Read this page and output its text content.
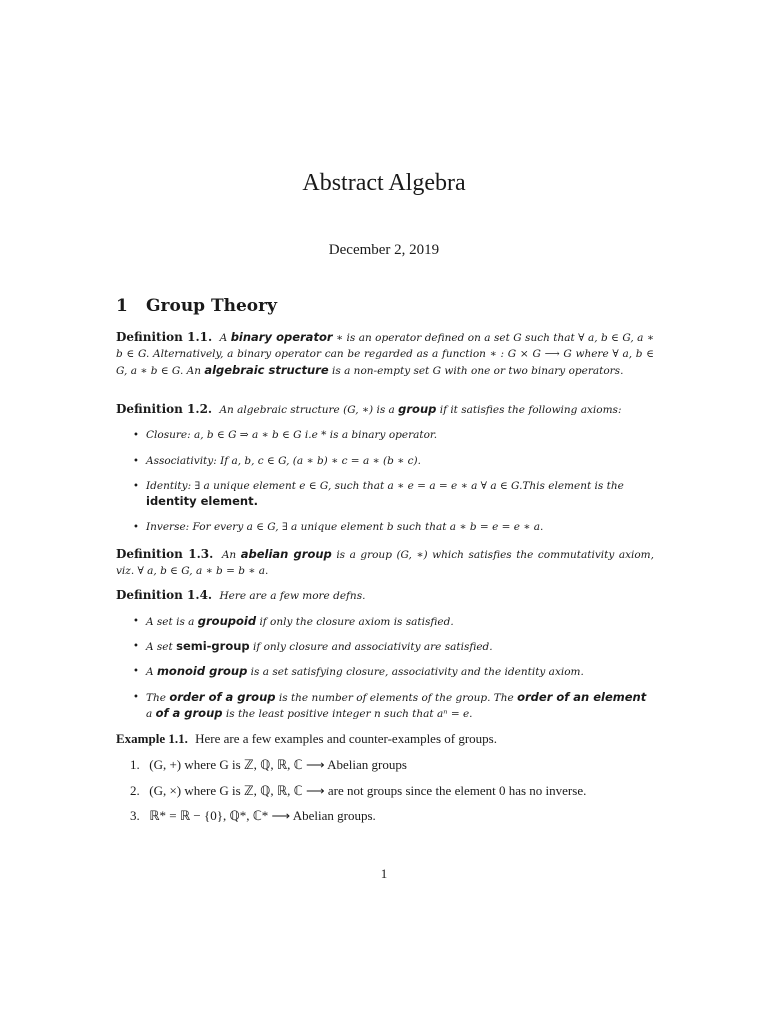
Abstract Algebra
December 2, 2019
1 Group Theory
Definition 1.1. A binary operator ∗ is an operator defined on a set G such that ∀ a, b ∈ G, a ∗ b ∈ G. Alternatively, a binary operator can be regarded as a function ∗ : G × G ⟶ G where ∀ a, b ∈ G, a ∗ b ∈ G. An algebraic structure is a non-empty set G with one or two binary operators.
Definition 1.2. An algebraic structure (G, ∗) is a group if it satisfies the following axioms:
• Closure: a, b ∈ G ⇒ a ∗ b ∈ G i.e * is a binary operator.
• Associativity: If a, b, c ∈ G, (a ∗ b) ∗ c = a ∗ (b ∗ c).
• Identity: ∃ a unique element e ∈ G, such that a ∗ e = a = e ∗ a ∀ a ∈ G.This element is the identity element.
• Inverse: For every a ∈ G, ∃ a unique element b such that a ∗ b = e = e ∗ a.
Definition 1.3. An abelian group is a group (G, ∗) which satisfies the commutativity axiom, viz. ∀ a, b ∈ G, a ∗ b = b ∗ a.
Definition 1.4. Here are a few more defns.
• A set is a groupoid if only the closure axiom is satisfied.
• A set semi-group if only closure and associativity are satisfied.
• A monoid group is a set satisfying closure, associativity and the identity axiom.
• The order of a group is the number of elements of the group. The order of an element
a of a group is the least positive integer n such that aⁿ = e.
Example 1.1. Here are a few examples and counter-examples of groups.
1. (G, +) where G is ℤ, ℚ, ℝ, ℂ ⟶ Abelian groups
2. (G, ×) where G is ℤ, ℚ, ℝ, ℂ ⟶ are not groups since the element 0 has no inverse.
3. ℝ* = ℝ − {0}, ℚ*, ℂ* ⟶ Abelian groups.
1
